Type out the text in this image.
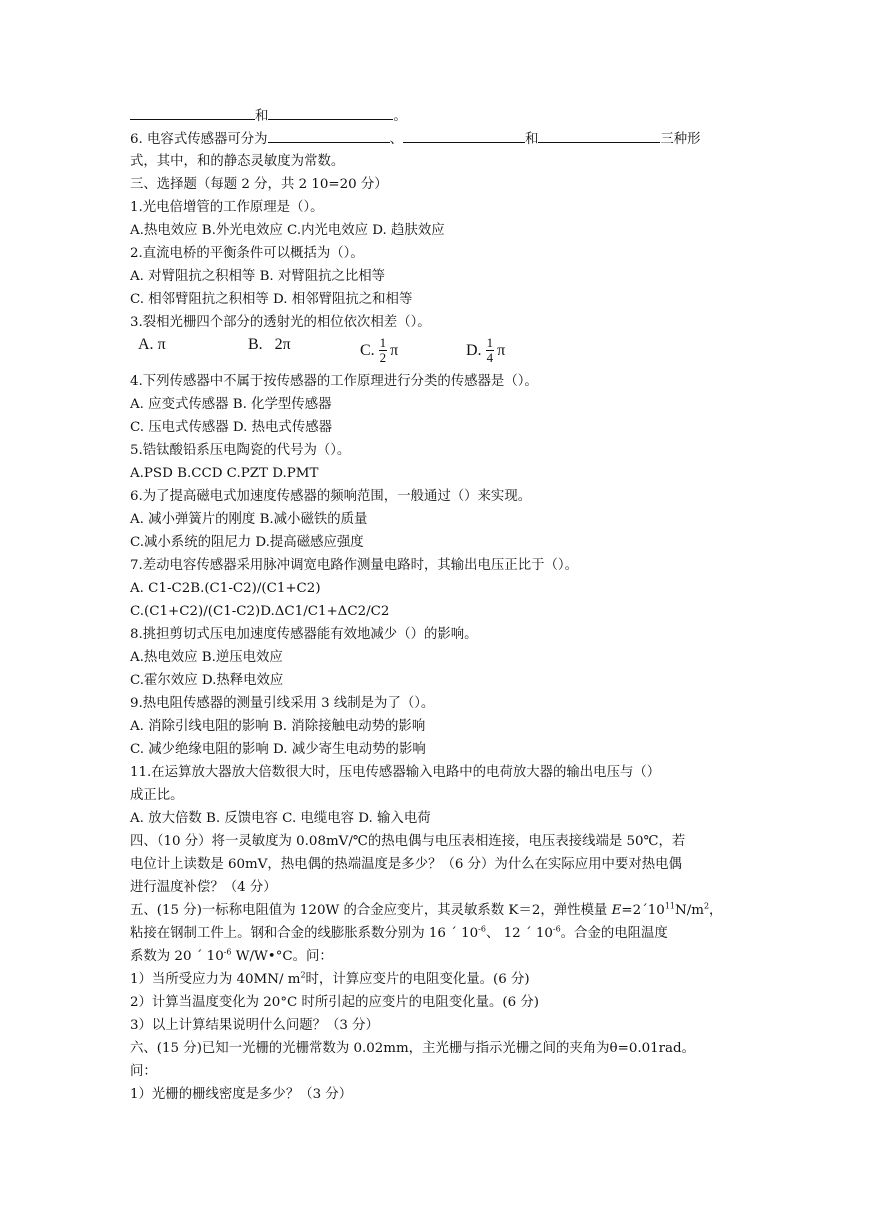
和	。
6. 电容式传感器可分为	、	和	三种形
式，其中，和的静态灵敏度为常数。
三、选择题（每题 2 分，共 2 10=20 分）
1.光电倍增管的工作原理是（）。
A.热电效应 B.外光电效应 C.内光电效应 D. 趋肤效应
2.直流电桥的平衡条件可以概括为（）。
A. 对臂阻抗之积相等 B. 对臂阻抗之比相等
C. 相邻臂阻抗之积相等 D. 相邻臂阻抗之和相等
3.裂相光栅四个部分的透射光的相位依次相差（）。
A.
π	B.
2π	C. $\frac{1}{2}$ π	D. $\frac{1}{4}$ π
4.下列传感器中不属于按传感器的工作原理进行分类的传感器是（）。
A. 应变式传感器 B. 化学型传感器
C. 压电式传感器 D. 热电式传感器
5.锆钛酸铅系压电陶瓷的代号为（）。
A.PSD B.CCD C.PZT D.PMT
6.为了提高磁电式加速度传感器的频响范围，一般通过（）来实现。
A. 减小弹簧片的刚度 B.减小磁铁的质量
C.减小系统的阻尼力 D.提高磁感应强度
7.差动电容传感器采用脉冲调宽电路作测量电路时，其输出电压正比于（）。
A. C1-C2B.(C1-C2)/(C1+C2)
C.(C1+C2)/(C1-C2)D.ΔC1/C1+ΔC2/C2
8.挑担剪切式压电加速度传感器能有效地减少（）的影响。
A.热电效应 B.逆压电效应
C.霍尔效应 D.热释电效应
9.热电阻传感器的测量引线采用 3 线制是为了（）。
A. 消除引线电阻的影响 B. 消除接触电动势的影响
C. 减少绝缘电阻的影响 D. 减少寄生电动势的影响
11.在运算放大器放大倍数很大时，压电传感器输入电路中的电荷放大器的输出电压与（）
成正比。
A. 放大倍数 B. 反馈电容 C. 电缆电容 D. 输入电荷
四、（10 分）将一灵敏度为 0.08mV/℃的热电偶与电压表相连接，电压表接线端是 50℃，若
电位计上读数是 60mV，热电偶的热端温度是多少？（6 分）为什么在实际应用中要对热电偶
进行温度补偿？（4 分）
五、(15 分)一标称电阻值为 120W 的合金应变片，其灵敏系数 K＝2，弹性模量 $E=2´10^{11}N/m^2$，
粘接在钢制工件上。钢和合金的线膨胀系数分别为 16 ´ $10^{-6}$、 12 ´ $10^{-6}$。合金的电阻温度
系数为 20 ´ $10^{-6}$ W/W•°C。问：
1）当所受应力为 40MN/ $m^2$时，计算应变片的电阻变化量。(6 分)
2）计算当温度变化为 20°C 时所引起的应变片的电阻变化量。(6 分)
3）以上计算结果说明什么问题？（3 分）
六、(15 分)已知一光栅的光栅常数为 0.02mm，主光栅与指示光栅之间的夹角为θ=0.01rad。
问：
1）光栅的栅线密度是多少？（3 分）
